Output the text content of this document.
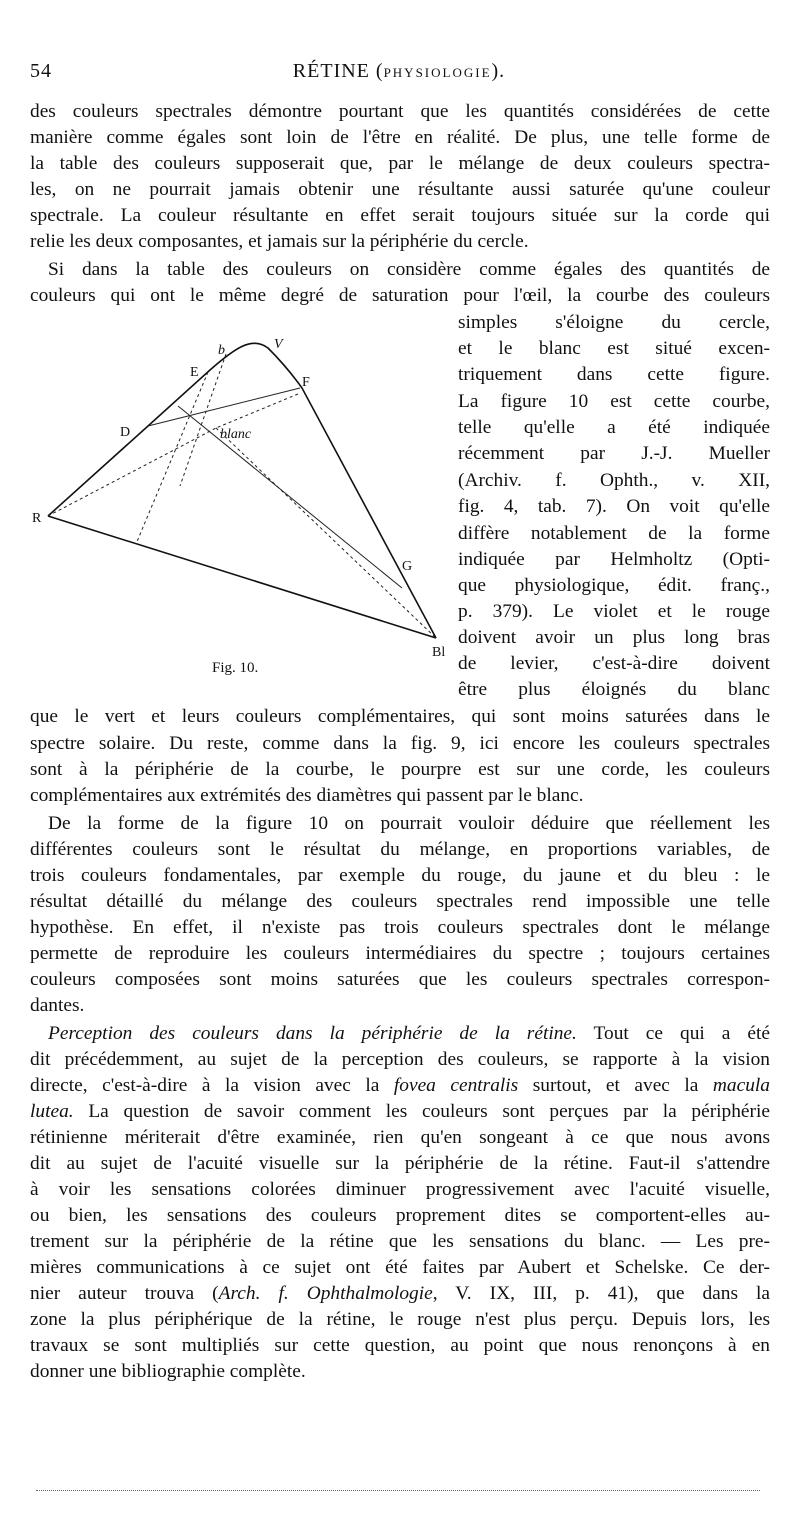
54	RÉTINE (PHYSIOLOGIE).
des couleurs spectrales démontre pourtant que les quantités considérées de cette
manière comme égales sont loin de l'être en réalité. De plus, une telle forme de
la table des couleurs supposerait que, par le mélange de deux couleurs spectra-
les, on ne pourrait jamais obtenir une résultante aussi saturée qu'une couleur
spectrale. La couleur résultante en effet serait toujours située sur la corde qui
relie les deux composantes, et jamais sur la périphérie du cercle.
Si dans la table des couleurs on considère comme égales des quantités de
couleurs qui ont le même degré de saturation pour l'œil, la courbe des couleurs
simples s'éloigne du cercle,
et le blanc est situé excen-
triquement dans cette figure.
La figure 10 est cette courbe,
telle qu'elle a été indiquée
récemment par J.-J. Mueller
(Archiv. f. Ophth., v. XII,
fig. 4, tab. 7). On voit qu'elle
diffère notablement de la forme
indiquée par Helmholtz (Opti-
que physiologique, édit. franç.,
p. 379). Le violet et le rouge
doivent avoir un plus long bras
de levier, c'est-à-dire doivent
être plus éloignés du blanc
R
D
E
b	V
F
blanc
G
Bl
Fig. 10.
que le vert et leurs couleurs complémentaires, qui sont moins saturées dans le
spectre solaire. Du reste, comme dans la fig. 9, ici encore les couleurs spectrales
sont à la périphérie de la courbe, le pourpre est sur une corde, les couleurs
complémentaires aux extrémités des diamètres qui passent par le blanc.
De la forme de la figure 10 on pourrait vouloir déduire que réellement les
différentes couleurs sont le résultat du mélange, en proportions variables, de
trois couleurs fondamentales, par exemple du rouge, du jaune et du bleu : le
résultat détaillé du mélange des couleurs spectrales rend impossible une telle
hypothèse. En effet, il n'existe pas trois couleurs spectrales dont le mélange
permette de reproduire les couleurs intermédiaires du spectre ; toujours certaines
couleurs composées sont moins saturées que les couleurs spectrales correspon-
dantes.
Perception des couleurs dans la périphérie de la rétine. Tout ce qui a été
dit précédemment, au sujet de la perception des couleurs, se rapporte à la vision
directe, c'est-à-dire à la vision avec la fovea centralis surtout, et avec la macula
lutea. La question de savoir comment les couleurs sont perçues par la périphérie
rétinienne mériterait d'être examinée, rien qu'en songeant à ce que nous avons
dit au sujet de l'acuité visuelle sur la périphérie de la rétine. Faut-il s'attendre
à voir les sensations colorées diminuer progressivement avec l'acuité visuelle,
ou bien, les sensations des couleurs proprement dites se comportent-elles au-
trement sur la périphérie de la rétine que les sensations du blanc. — Les pre-
mières communications à ce sujet ont été faites par Aubert et Schelske. Ce der-
nier auteur trouva (Arch. f. Ophthalmologie, V. IX, III, p. 41), que dans la
zone la plus périphérique de la rétine, le rouge n'est plus perçu. Depuis lors, les
travaux se sont multipliés sur cette question, au point que nous renonçons à en
donner une bibliographie complète.
